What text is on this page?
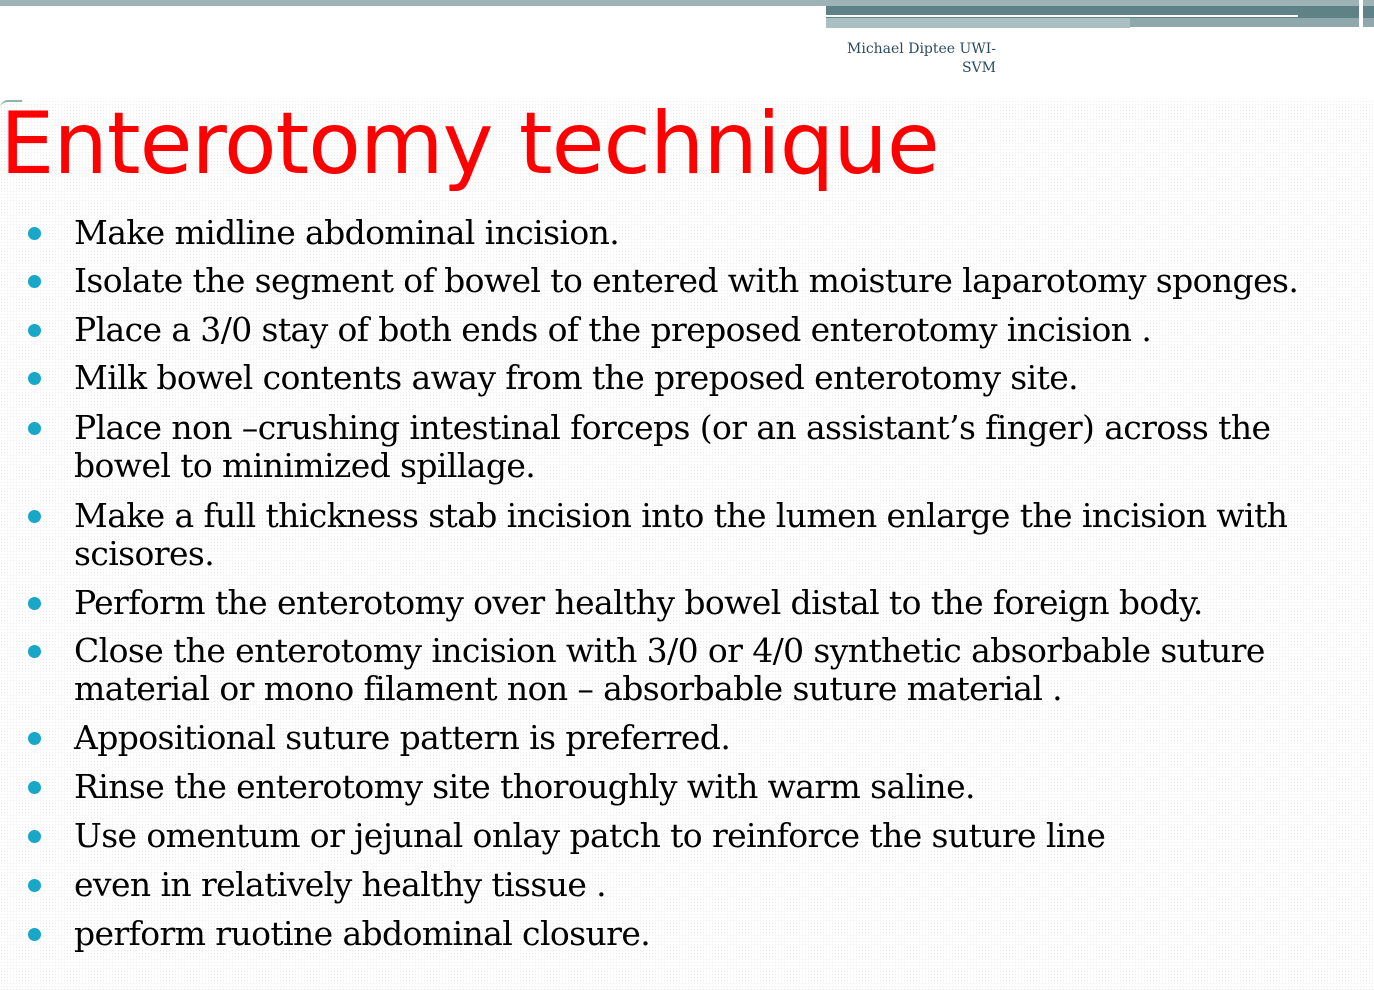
Michael Diptee UWI-SVM
Enterotomy technique
Make midline abdominal incision.
Isolate the segment of bowel to entered with moisture laparotomy sponges.
Place a 3/0 stay of both ends of the preposed enterotomy incision .
Milk bowel contents away from the preposed enterotomy site.
Place non –crushing intestinal forceps (or an assistant’s finger) across the
bowel to minimized spillage.
Make a full thickness stab incision into the lumen enlarge the incision with
scisores.
Perform the enterotomy over healthy bowel distal to the foreign body.
Close the enterotomy incision with 3/0 or 4/0 synthetic absorbable suture
material or mono filament non – absorbable suture material .
Appositional suture pattern is preferred.
Rinse the enterotomy site thoroughly with warm saline.
Use omentum or jejunal onlay patch to reinforce the suture line
even in relatively healthy tissue .
perform ruotine abdominal closure.
